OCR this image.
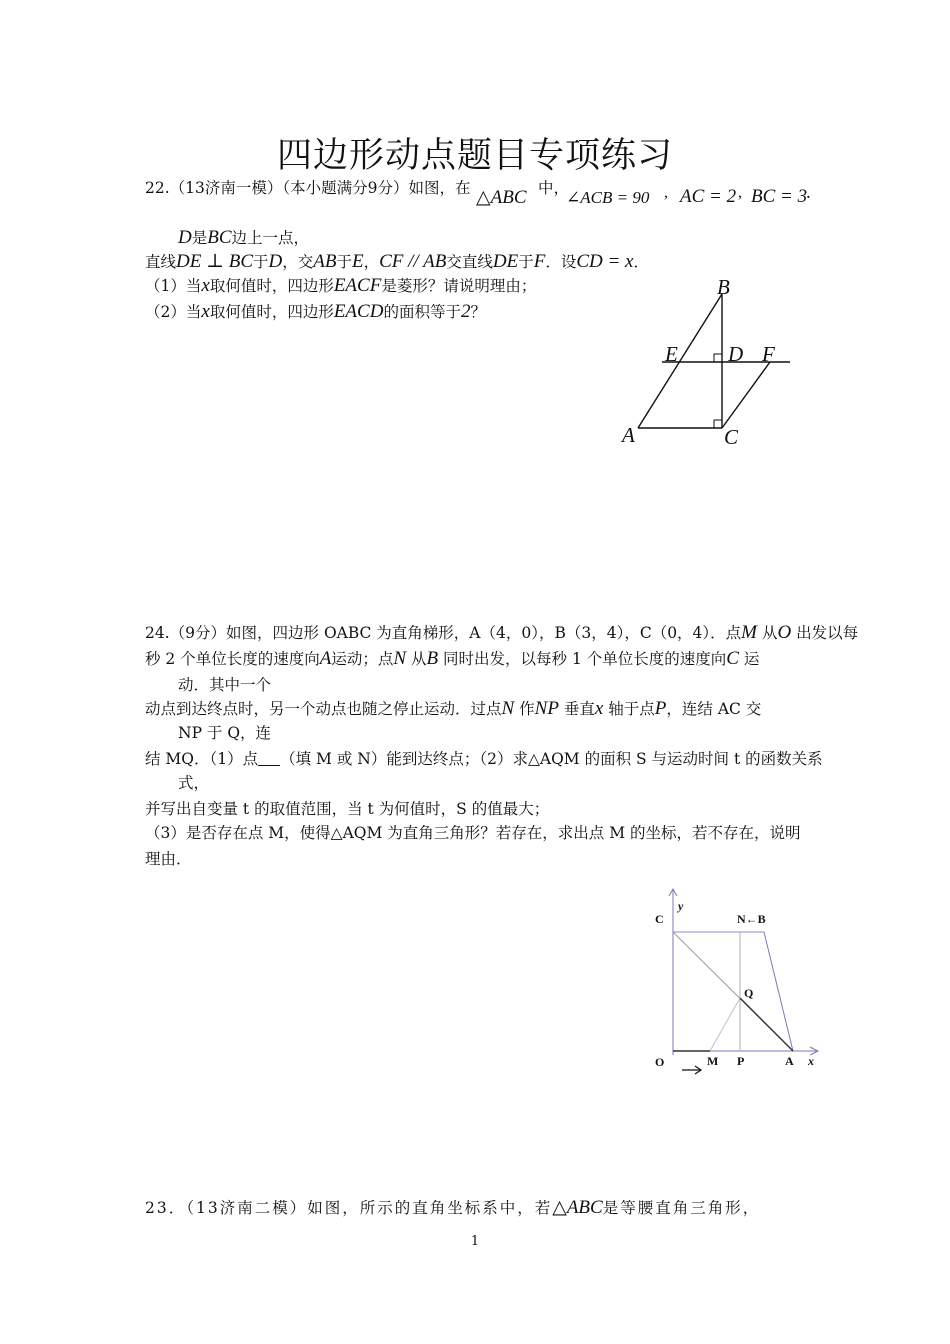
四边形动点题目专项练习
22.（13济南一模）（本小题满分9分）如图，在 △ABC 中，
∠ACB = 90 , AC = 2 , BC = 3
.
D是BC边上一点，
直线DE ⊥ BC于D，交AB于E，CF // AB交直线DE于F．设CD = x．
（1）当x取何值时，四边形EACF是菱形？请说明理由；
（2）当x取何值时，四边形EACD的面积等于2？
B
E D F
A	C
24.（9分）如图，四边形 OABC 为直角梯形，A（4，0），B（3，4），C（0，4）．点M 从O 出发以每
秒 2 个单位长度的速度向A运动；点N 从B 同时出发，以每秒 1 个单位长度的速度向C 运
动．其中一个
动点到达终点时，另一个动点也随之停止运动．过点N 作NP 垂直x 轴于点P，连结 AC 交
NP 于 Q，连
结 MQ．（1）点 （填 M 或 N）能到达终点；（2）求△AQM 的面积 S 与运动时间 t 的函数关系
式，
并写出自变量 t 的取值范围，当 t 为何值时，S 的值最大；
（3）是否存在点 M，使得△AQM 为直角三角形？若存在，求出点 M 的坐标，若不存在，说明
理由．
y
C	N←B
Q
O	M P	A x
23．（13济南二模）如图，所示的直角坐标系中，若△ABC是等腰直角三角形，
1
